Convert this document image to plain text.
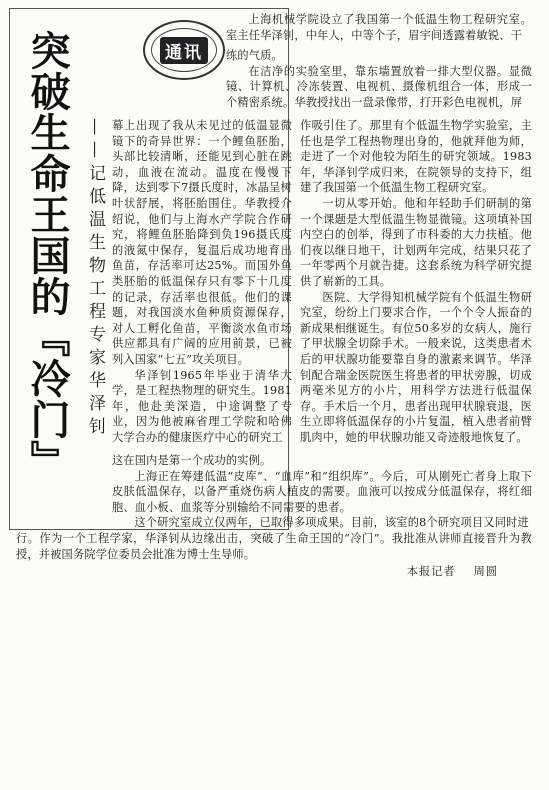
突破生命王国的『冷门』 ——记低温生物工程专家华泽钊
通讯

上海机械学院设立了我国第一个低温生物工程研究室。室主任华泽钊，中年人，中等个子，眉宇间透露着敏锐、干

练的气质。

在洁净的实验室里，靠东墙置放着一排大型仪器。显微镜、计算机、冷冻装置、电视机、摄像机组合一体，形成一个精密系统。华教授找出一盘录像带，打开彩色电视机，屏

幕上出现了我从未见过的低温显微镜下的奇异世界：一个鲤鱼胚胎，头部比较清晰，还能见到心脏在跳动，血液在流动。温度在慢慢下降，达到零下7摄氏度时，冰晶呈树叶状舒展，将胚胎围住。华教授介绍说，他们与上海水产学院合作研究，将鲤鱼胚胎降到负196摄氏度的液氮中保存，复温后成功地育出鱼苗，存活率可达25%。而国外鱼类胚胎的低温保存只有零下十几度的记录，存活率也很低。他们的课题，对我国淡水鱼种质资源保存，对人工孵化鱼苗，平衡淡水鱼市场供应都具有广阔的应用前景，已被列入国家“七五”攻关项目。

华泽钊1965年毕业于清华大学，是工程热物理的研究生。1981年，他赴美深造，中途调整了专业，因为他被麻省理工学院和哈佛大学合办的健康医疗中心的研究工

作吸引住了。那里有个低温生物学实验室，主任也是学工程热物理出身的，他就拜他为师，走进了一个对他较为陌生的研究领域。1983年，华泽钊学成归来，在院领导的支持下，组建了我国第一个低温生物工程研究室。

一切从零开始。他和年轻助手们研制的第一个课题是大型低温生物显微镜。这项填补国内空白的创举，得到了市科委的大力扶植。他们夜以继日地干，计划两年完成，结果只花了一年零两个月就告捷。这套系统为科学研究提供了崭新的工具。

医院、大学得知机械学院有个低温生物研究室，纷纷上门要求合作，一个个令人振奋的新成果相继诞生。有位50多岁的女病人，施行了甲状腺全切除手术。一般来说，这类患者术后的甲状腺功能要靠自身的激素来调节。华泽钊配合瑞金医院医生将患者的甲状旁腺，切成两毫米见方的小片，用科学方法进行低温保存。手术后一个月，患者出现甲状腺衰退，医生立即将低温保存的小片复温，植入患者前臂肌肉中，她的甲状腺功能又奇迹般地恢复了。

这在国内是第一个成功的实例。

上海正在筹建低温“皮库”、“血库”和“组织库”。今后，可从刚死亡者身上取下皮肤低温保存，以备严重烧伤病人植皮的需要。血液可以按成分低温保存，将红细胞、血小板、血浆等分别输给不同需要的患者。

这个研究室成立仅两年，已取得多项成果。目前，该室的8个研究项目又同时进

行。作为一个工程学家，华泽钊从边缘出击，突破了生命王国的“冷门”。我批准从讲师直接晋升为教授，并被国务院学位委员会批准为博士生导师。

本报记者 周圆
